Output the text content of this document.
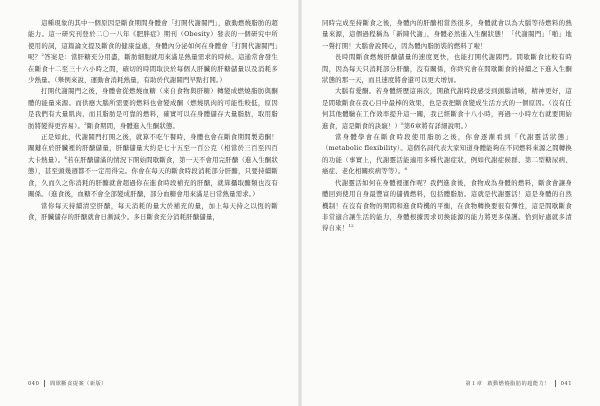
這種現象的其中一個原因是斷食期間身體會「打開代謝閥門」，啟動燃燒脂肪的超能力。這一研究刊登於二〇一八年《肥胖症》期刊（Obesity）發表的一個研究中所使用的詞，這篇論文提及斷食的健康益處，身體內分泌如何在身體會「打開代謝閥門」呢？$^2$答案是：當肝糖充分用盡，斷肪細胞就用來滿足熱量需求的時候。這通常會發生在斷食十二至三十六小時之間，確切的時間取決於每個人肝臟的肝糖儲量以及消耗多少熱量。（舉例來說，運動會消耗熱量，有助於代謝閥門早點打開。）

打開代謝閥門之後，身體會從燃燒血糖（來自食物與肝糖）轉變成燃燒脂肪與酮體的能量來源。而供應大腦所需要的燃料也會變成酮（燃燒肌肉的可能性較低，原因是我們有大量肌肉，而且脂肪是可靠的燃料，確實可以在身體儲存大量脂肪，取用脂肪將變得更容易）。$^3$斷食期間，身體進入生酮狀態。

正是如此，代謝閥門打開之後，就算不吃午餐時，身體也會在斷食期間製造酮！關鍵在於肝臟裡的肝醣儲量，肝醣儲量大約是七十五至一百公克（相當於三百至四百大卡熱量）。$^4$若在肝醣儲滿的情況下開始間歇斷食，第一天不會用完肝醣（進入生酮狀態），甚至頭幾週都不一定用得完。你會在每天的斷食時段消耗部分肝醣，只要持續斷食，久而久之你消耗的肝醣就會超過你在進食時段補充的肝醣，就算攝取醣類也沒有關係。（進食後，血糖不會全部變成肝醣，部分血糖會用來滿足日常熱量需求。）

當你每天持續清空肝醣，每天消耗的量大於補充的量，加上每天持之以恆的斷食，肝臟儲存的肝醣就會日漸減少。多日斷食充分消耗肝醣儲量，

040 間歇斷食提案（新版）

同時完成至持斷食之後，身體內的肝醣相當然很多，身體就會以為大腦等待燃料的熱量來源，這個過程稱為「新陳代謝」，身體必然進入生酮狀態！「代謝閥門」「啪」地一聲打開！大腦會說開心，因為體內脂肪裝的燃料了啦！

長時間斷食燃燒肝醣儲量的速度更快，也能打開代謝閥門。間歇斷食比較有時間，因為每天只消耗部分肝醣，沒有關係，你終究會在間歇斷食的持續之下進入生酮狀態的那一天，而且速度將會還可以更大增加。

大腦有愛酮。若身體經歷這兩次，開啟代謝時段感受到頭腦清晰，精神更好，這是間歇斷食在我心目中最棒的效果，也是我把斷食變成生活方式的一個原因。（沒有任何其他體驗在工作效率提升這一關，我已經斷食十八小時，再過一小時左右就要開始進食，這是斷食的訣竅！）$^5$第6章將有詳細說明。）

當身體學會在斷食時段使用脂肪之後，你會逐漸看到「代謝靈活狀態」（metabolic flexibility）。這個名詞代表大家知道身體能夠在不同燃料來源之間轉換的功能（事實上，代謝靈活能適用多種代謝症狀，例如代謝症候群、第二型糖尿病、癌症、老化相關疾病等等）。$^6$

代謝靈活如何在身體裡運作呢？我們進食後，食物成為身體的燃料，斷食會讓身體回到使用自身最豐富的儲備燃料，包括體脂肪。這就是代謝靈活！這是身體的自然機制！在沒有食物的期間和進食時機的平衡，在食物轉換要很有彈性，這是間歇斷食非常適合讓生活的能力，身體根據需求切換能源的能力將更多保護。恰到好處就多清得自來！$^{12}$

第１章 啟動燃燒脂肪的超能力！ 041
